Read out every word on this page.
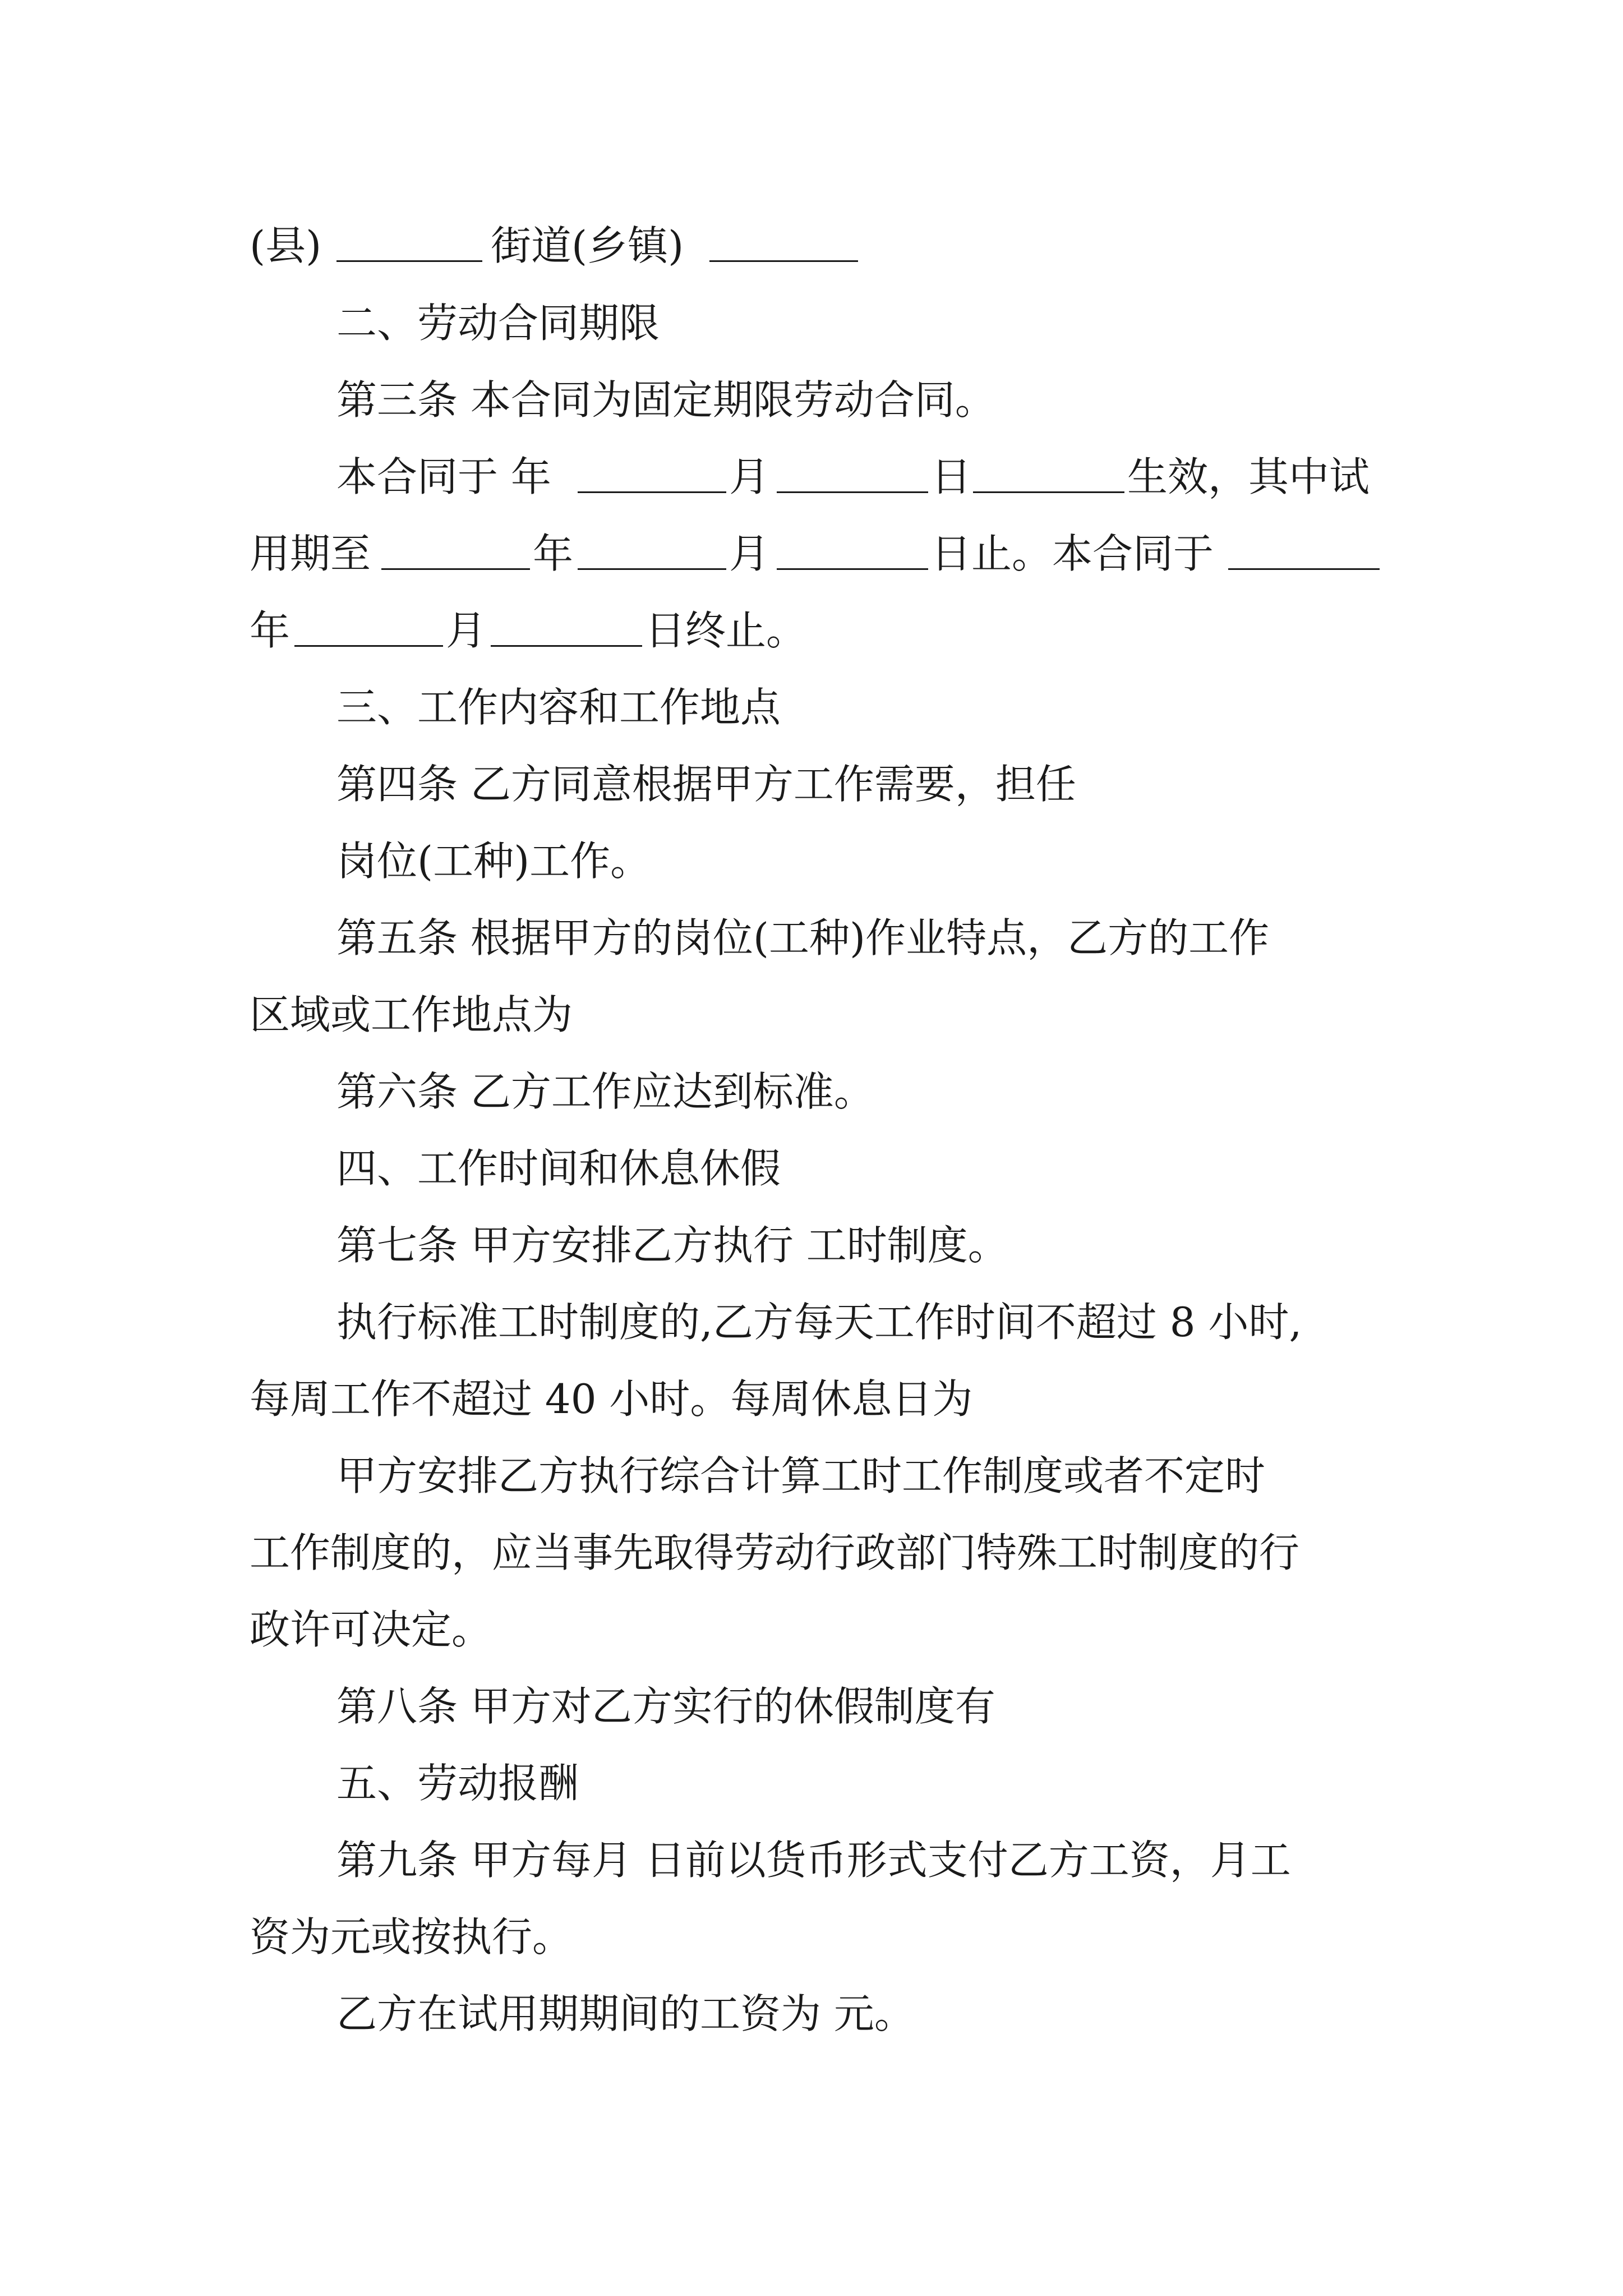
(县)	街道(乡镇)
二、劳动合同期限
第三条 本合同为固定期限劳动合同。
本合同于 年	月	日	生效，其中试
用期至	年	月	日止。本合同于
年	月	日终止。
三、工作内容和工作地点
第四条 乙方同意根据甲方工作需要，担任
岗位(工种)工作。
第五条 根据甲方的岗位(工种)作业特点，乙方的工作
区域或工作地点为
第六条 乙方工作应达到标准。
四、工作时间和休息休假
第七条 甲方安排乙方执行 工时制度。
执行标准工时制度的,乙方每天工作时间不超过 8 小时,
每周工作不超过 40 小时。每周休息日为
甲方安排乙方执行综合计算工时工作制度或者不定时
工作制度的，应当事先取得劳动行政部门特殊工时制度的行
政许可决定。
第八条 甲方对乙方实行的休假制度有
五、劳动报酬
第九条 甲方每月 日前以货币形式支付乙方工资，月工
资为元或按执行。
乙方在试用期期间的工资为 元。
